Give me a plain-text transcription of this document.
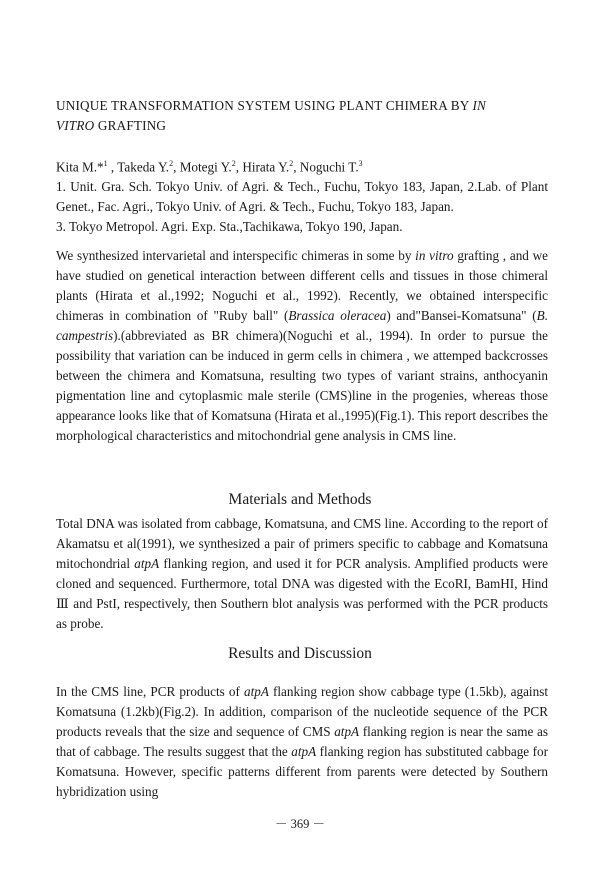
UNIQUE TRANSFORMATION SYSTEM USING PLANT CHIMERA BY IN
VITRO GRAFTING
Kita M.*$^1$ , Takeda Y.$^2$, Motegi Y.$^2$, Hirata Y.$^2$, Noguchi T.$^3$
1. Unit. Gra. Sch. Tokyo Univ. of Agri. & Tech., Fuchu, Tokyo 183, Japan, 2.Lab. of Plant Genet., Fac. Agri., Tokyo Univ. of Agri. & Tech., Fuchu, Tokyo 183, Japan.
3. Tokyo Metropol. Agri. Exp. Sta.,Tachikawa, Tokyo 190, Japan.

We synthesized intervarietal and interspecific chimeras in some by in vitro grafting , and we have studied on genetical interaction between different cells and tissues in those chimeral plants (Hirata et al.,1992; Noguchi et al., 1992). Recently, we obtained interspecific chimeras in combination of "Ruby ball" (Brassica oleracea) and"Bansei-Komatsuna" (B. campestris).(abbreviated as BR chimera)(Noguchi et al., 1994). In order to pursue the possibility that variation can be induced in germ cells in chimera , we attemped backcrosses between the chimera and Komatsuna, resulting two types of variant strains, anthocyanin pigmentation line and cytoplasmic male sterile (CMS)line in the progenies, whereas those appearance looks like that of Komatsuna (Hirata et al.,1995)(Fig.1). This report describes the morphological characteristics and mitochondrial gene analysis in CMS line.

Materials and Methods

Total DNA was isolated from cabbage, Komatsuna, and CMS line. According to the report of Akamatsu et al(1991), we synthesized a pair of primers specific to cabbage and Komatsuna mitochondrial atpA flanking region, and used it for PCR analysis. Amplified products were cloned and sequenced. Furthermore, total DNA was digested with the EcoRI, BamHI, Hind Ⅲ and PstI, respectively, then Southern blot analysis was performed with the PCR products as probe.

Results and Discussion

In the CMS line, PCR products of atpA flanking region show cabbage type (1.5kb), against Komatsuna (1.2kb)(Fig.2). In addition, comparison of the nucleotide sequence of the PCR products reveals that the size and sequence of CMS atpA flanking region is near the same as that of cabbage. The results suggest that the atpA flanking region has substituted cabbage for Komatsuna. However, specific patterns different from parents were detected by Southern hybridization using

－ 369 －
